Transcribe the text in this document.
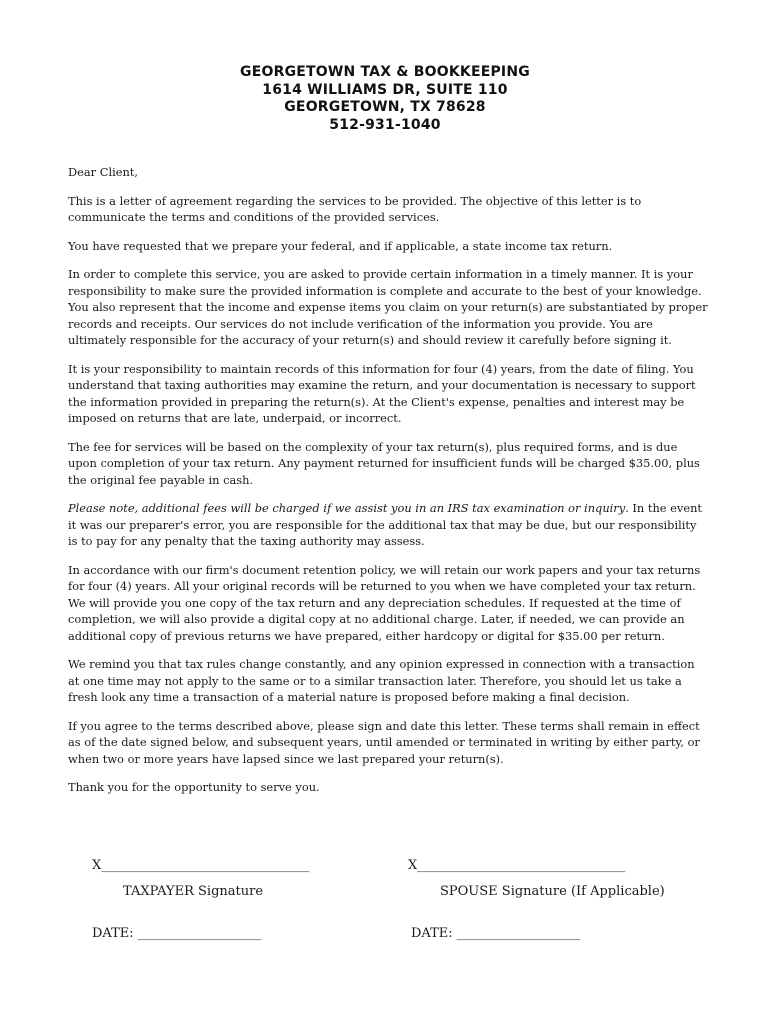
GEORGETOWN TAX & BOOKKEEPING
1614 WILLIAMS DR, SUITE 110
GEORGETOWN, TX 78628
512-931-1040

Dear Client,

This is a letter of agreement regarding the services to be provided. The objective of this letter is to communicate the terms and conditions of the provided services.

You have requested that we prepare your federal, and if applicable, a state income tax return.

In order to complete this service, you are asked to provide certain information in a timely manner. It is your responsibility to make sure the provided information is complete and accurate to the best of your knowledge. You also represent that the income and expense items you claim on your return(s) are substantiated by proper records and receipts. Our services do not include verification of the information you provide. You are ultimately responsible for the accuracy of your return(s) and should review it carefully before signing it.

It is your responsibility to maintain records of this information for four (4) years, from the date of filing. You understand that taxing authorities may examine the return, and your documentation is necessary to support the information provided in preparing the return(s). At the Client's expense, penalties and interest may be imposed on returns that are late, underpaid, or incorrect.

The fee for services will be based on the complexity of your tax return(s), plus required forms, and is due upon completion of your tax return. Any payment returned for insufficient funds will be charged $35.00, plus the original fee payable in cash.

Please note, additional fees will be charged if we assist you in an IRS tax examination or inquiry. In the event it was our preparer's error, you are responsible for the additional tax that may be due, but our responsibility is to pay for any penalty that the taxing authority may assess.

In accordance with our firm's document retention policy, we will retain our work papers and your tax returns for four (4) years. All your original records will be returned to you when we have completed your tax return. We will provide you one copy of the tax return and any depreciation schedules. If requested at the time of completion, we will also provide a digital copy at no additional charge. Later, if needed, we can provide an additional copy of previous returns we have prepared, either hardcopy or digital for $35.00 per return.

We remind you that tax rules change constantly, and any opinion expressed in connection with a transaction at one time may not apply to the same or to a similar transaction later. Therefore, you should let us take a fresh look any time a transaction of a material nature is proposed before making a final decision.

If you agree to the terms described above, please sign and date this letter. These terms shall remain in effect as of the date signed below, and subsequent years, until amended or terminated in writing by either party, or when two or more years have lapsed since we last prepared your return(s).

Thank you for the opportunity to serve you.

X________________________________	X________________________________
TAXPAYER Signature	SPOUSE Signature (If Applicable)
DATE: ___________________	DATE: ___________________
